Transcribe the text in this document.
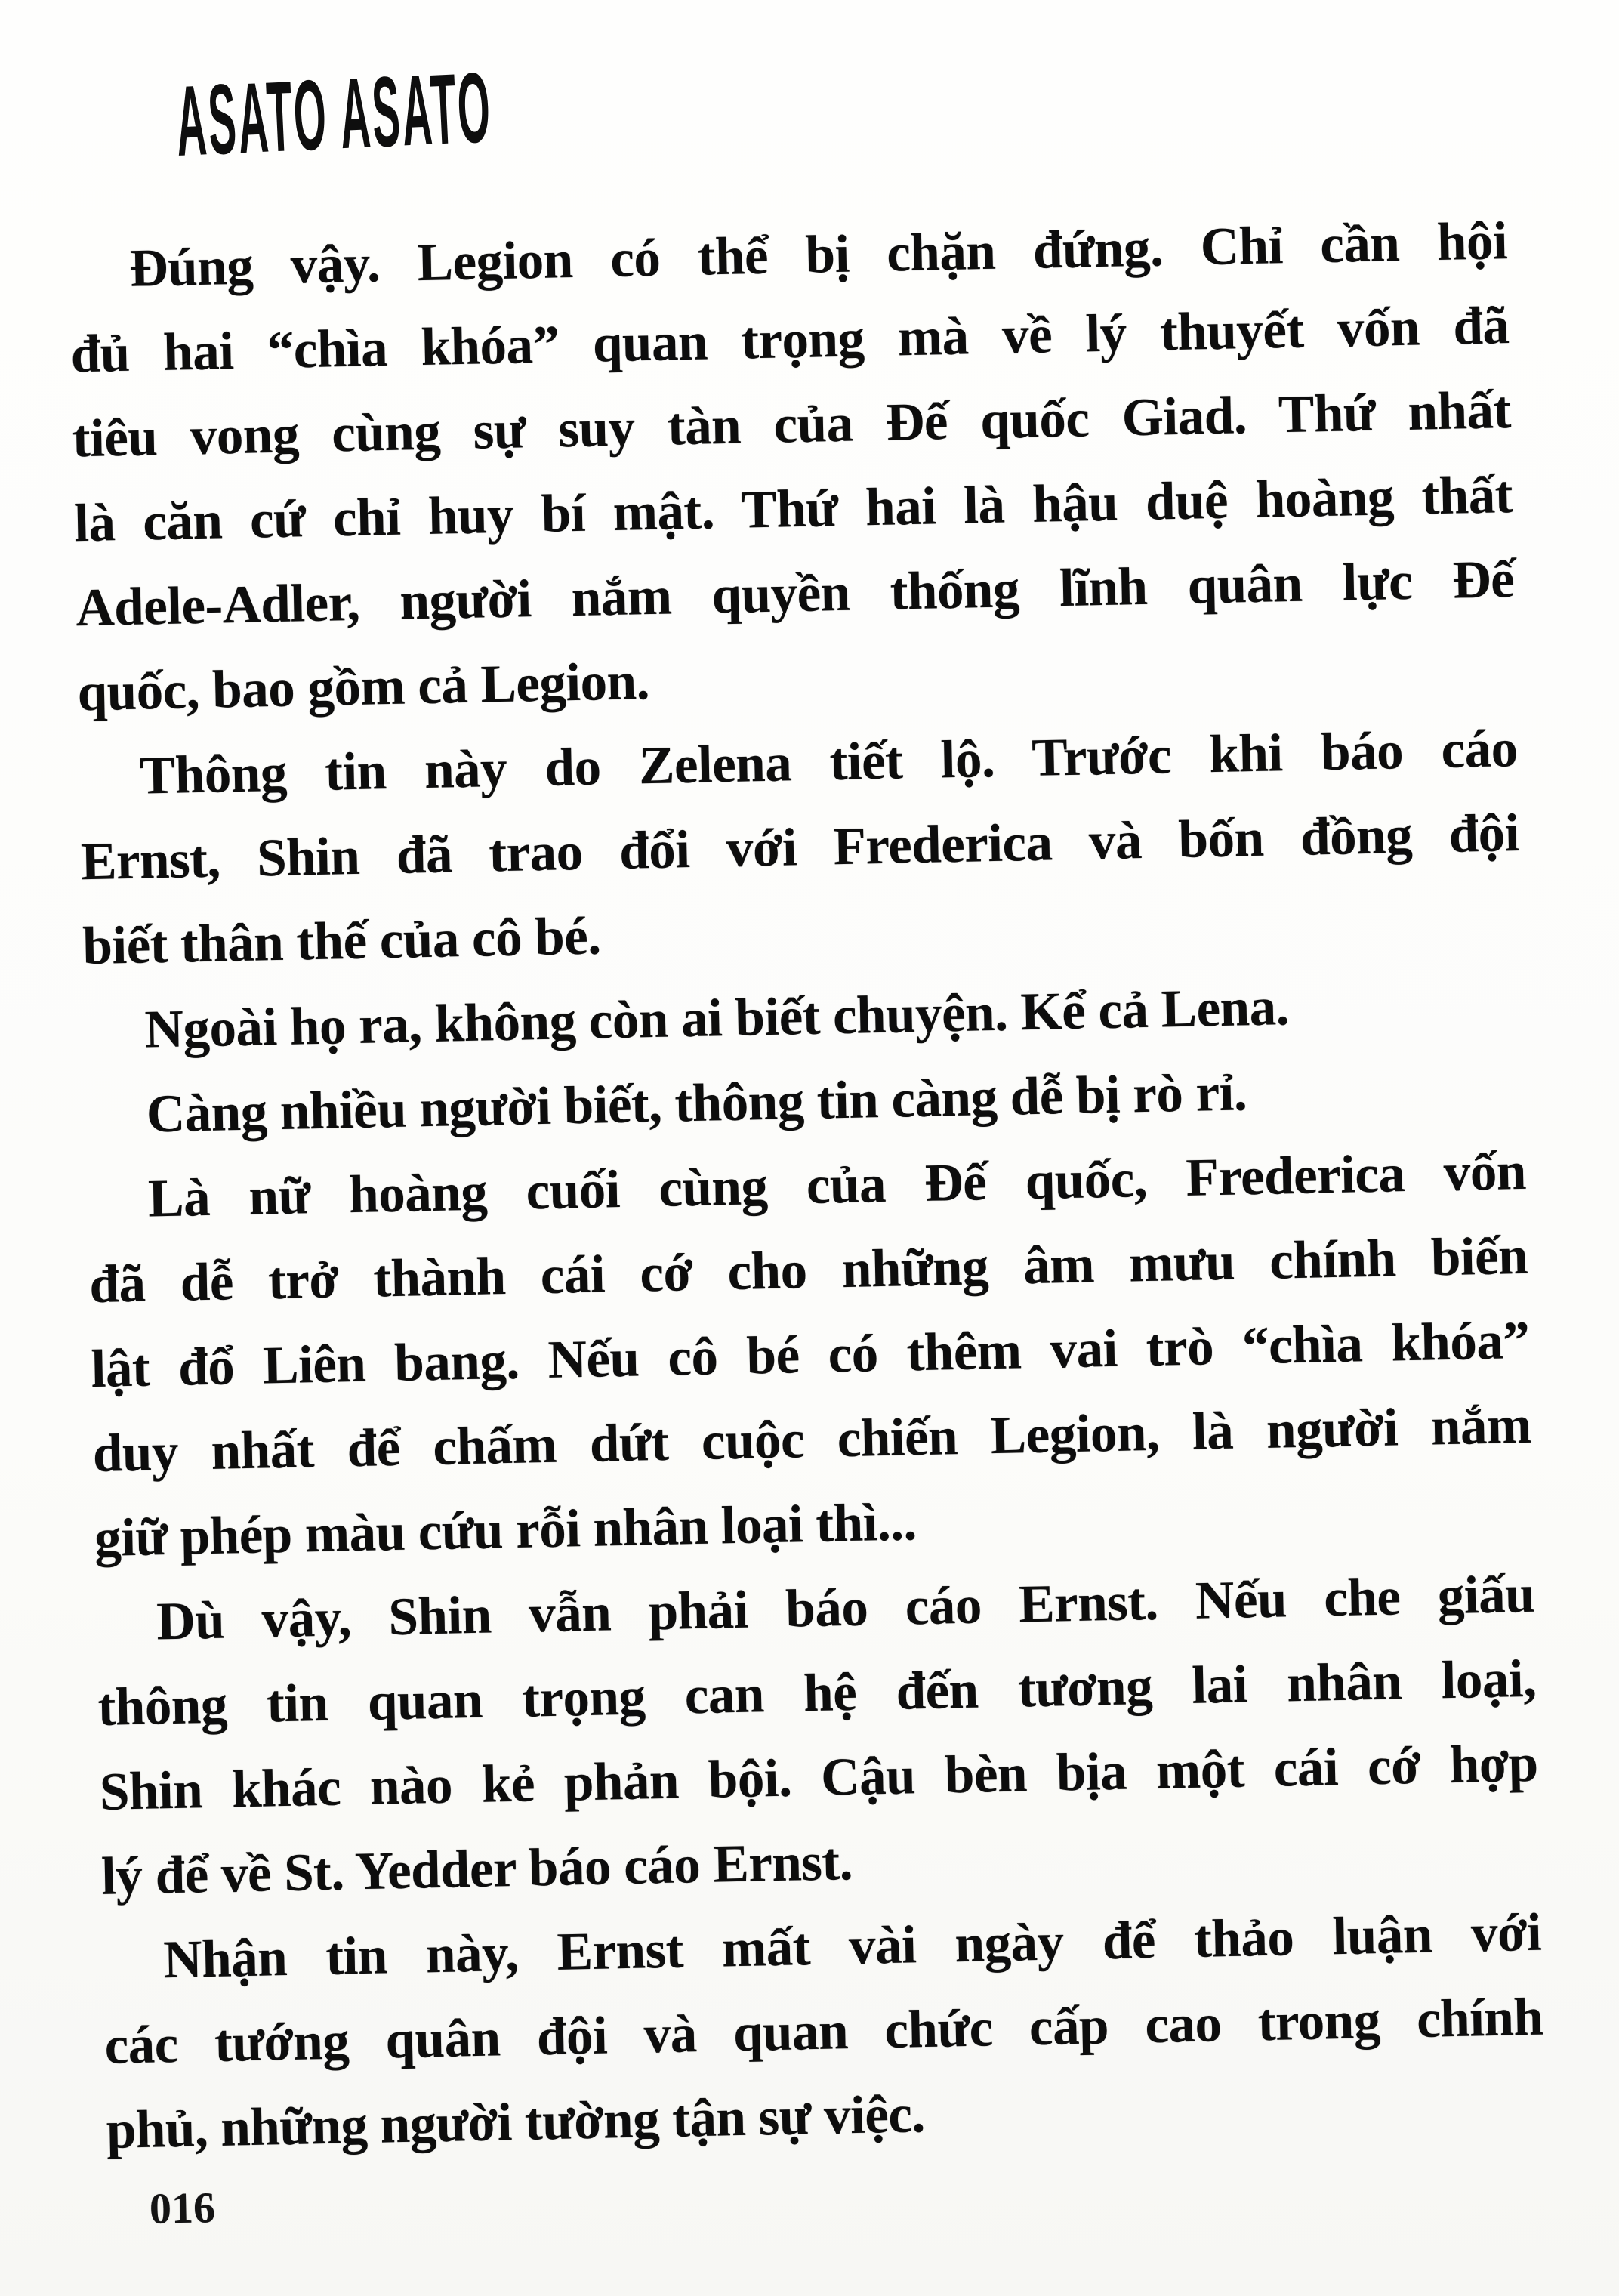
ASATO ASATO
Đúng vậy. Legion có thể bị chặn đứng. Chỉ cần hội
đủ hai “chìa khóa” quan trọng mà về lý thuyết vốn đã
tiêu vong cùng sự suy tàn của Đế quốc Giad. Thứ nhất
là căn cứ chỉ huy bí mật. Thứ hai là hậu duệ hoàng thất
Adele-Adler, người nắm quyền thống lĩnh quân lực Đế
quốc, bao gồm cả Legion.
Thông tin này do Zelena tiết lộ. Trước khi báo cáo
Ernst, Shin đã trao đổi với Frederica và bốn đồng đội
biết thân thế của cô bé.
Ngoài họ ra, không còn ai biết chuyện. Kể cả Lena.
Càng nhiều người biết, thông tin càng dễ bị rò rỉ.
Là nữ hoàng cuối cùng của Đế quốc, Frederica vốn
đã dễ trở thành cái cớ cho những âm mưu chính biến
lật đổ Liên bang. Nếu cô bé có thêm vai trò “chìa khóa”
duy nhất để chấm dứt cuộc chiến Legion, là người nắm
giữ phép màu cứu rỗi nhân loại thì...
Dù vậy, Shin vẫn phải báo cáo Ernst. Nếu che giấu
thông tin quan trọng can hệ đến tương lai nhân loại,
Shin khác nào kẻ phản bội. Cậu bèn bịa một cái cớ hợp
lý để về St. Yedder báo cáo Ernst.
Nhận tin này, Ernst mất vài ngày để thảo luận với
các tướng quân đội và quan chức cấp cao trong chính
phủ, những người tường tận sự việc.
016
